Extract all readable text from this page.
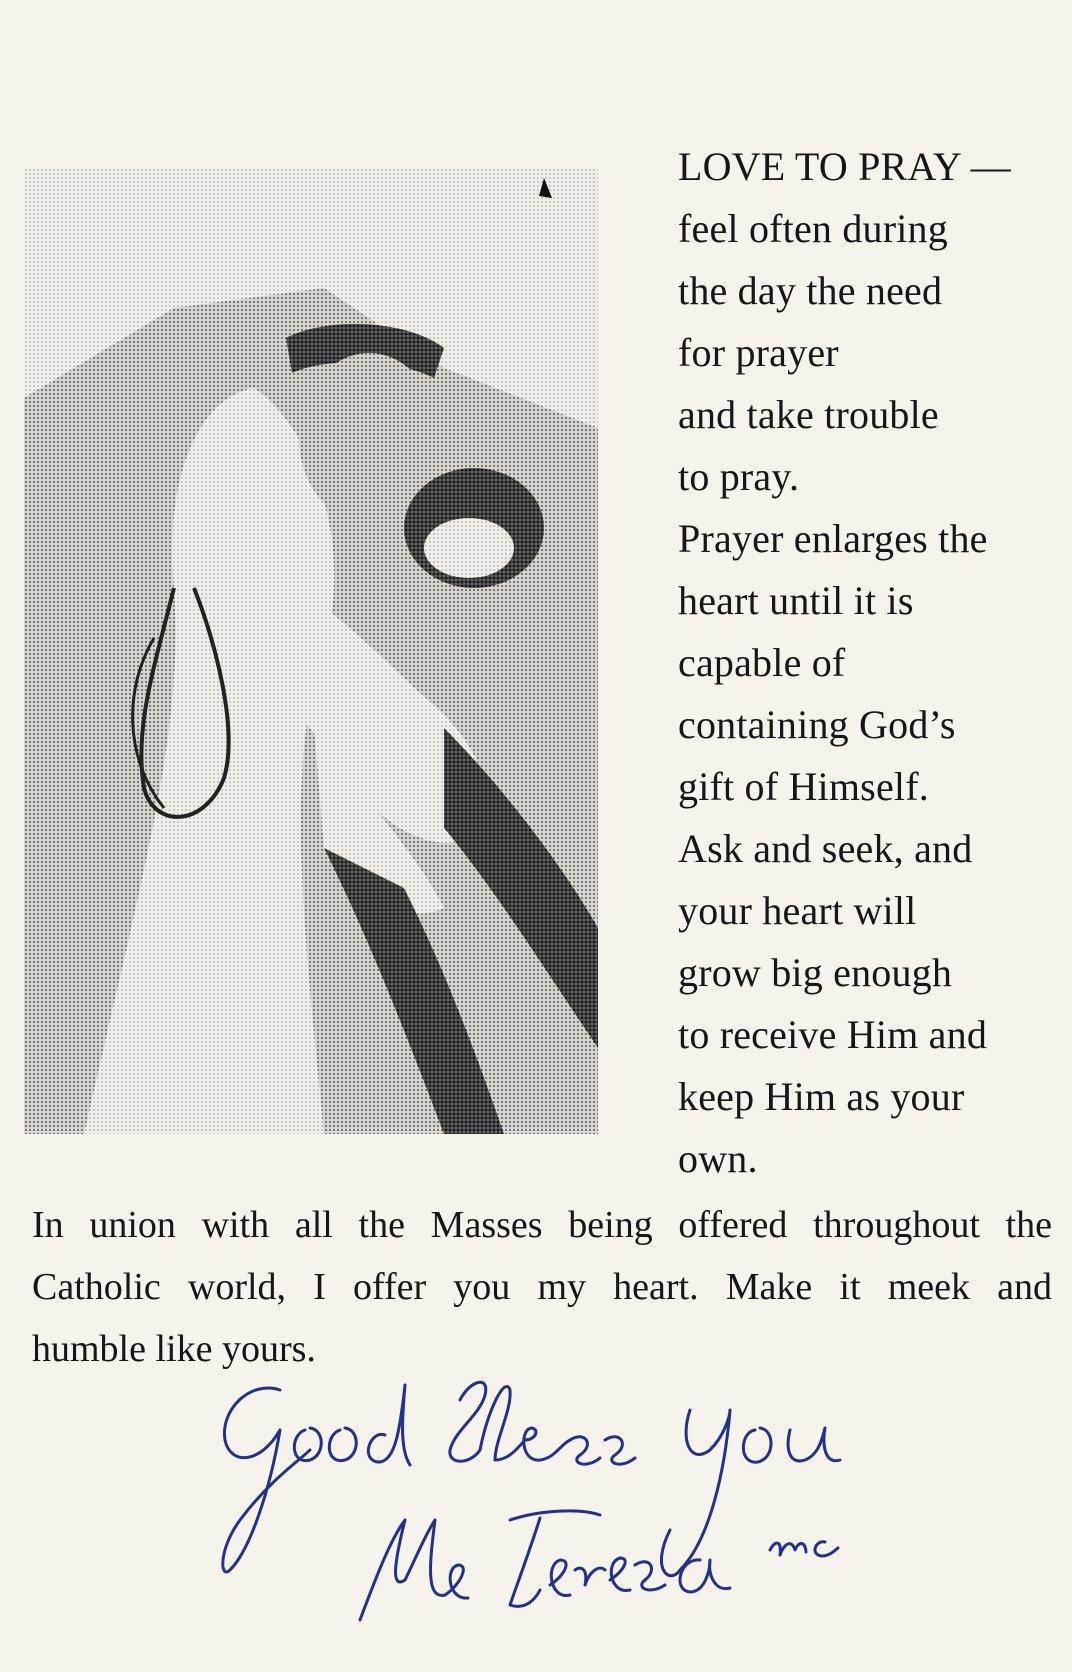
LOVE TO PRAY —
feel often during
the day the need
for prayer
and take trouble
to pray.
Prayer enlarges the
heart until it is
capable of
containing God’s
gift of Himself.
Ask and seek, and
your heart will
grow big enough
to receive Him and
keep Him as your
own.
In union with all the Masses being offered throughout the
Catholic world, I offer you my heart. Make it meek and
humble like yours.
